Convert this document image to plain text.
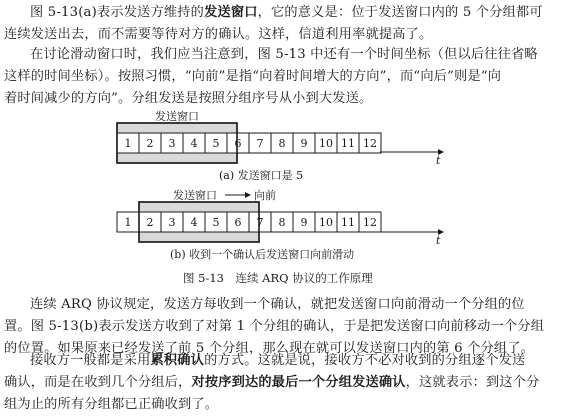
图 5-13(a)表示发送方维持的发送窗口，它的意义是：位于发送窗口内的 5 个分组都可
连续发送出去，而不需要等待对方的确认。这样，信道利用率就提高了。
在讨论滑动窗口时，我们应当注意到，图 5-13 中还有一个时间坐标（但以后往往省略
这样的时间坐标）。按照习惯，“向前”是指“向着时间增大的方向”，而“向后”则是“向
着时间减少的方向”。分组发送是按照分组序号从小到大发送。
发送窗口
1 2 3 4 5 6 7 8 9 10 11 12
t
(a) 发送窗口是 5
发送窗口	向前
1 2 3 4 5 6 7 8 9 10 11 12
t
(b) 收到一个确认后发送窗口向前滑动
图 5-13　连续 ARQ 协议的工作原理
连续 ARQ 协议规定，发送方每收到一个确认，就把发送窗口向前滑动一个分组的位
置。图 5-13(b)表示发送方收到了对第 1 个分组的确认，于是把发送窗口向前移动一个分组
的位置。如果原来已经发送了前 5 个分组，那么现在就可以发送窗口内的第 6 个分组了。
接收方一般都是采用累积确认的方式。这就是说，接收方不必对收到的分组逐个发送
确认，而是在收到几个分组后，对按序到达的最后一个分组发送确认，这就表示：到这个分
组为止的所有分组都已正确收到了。
